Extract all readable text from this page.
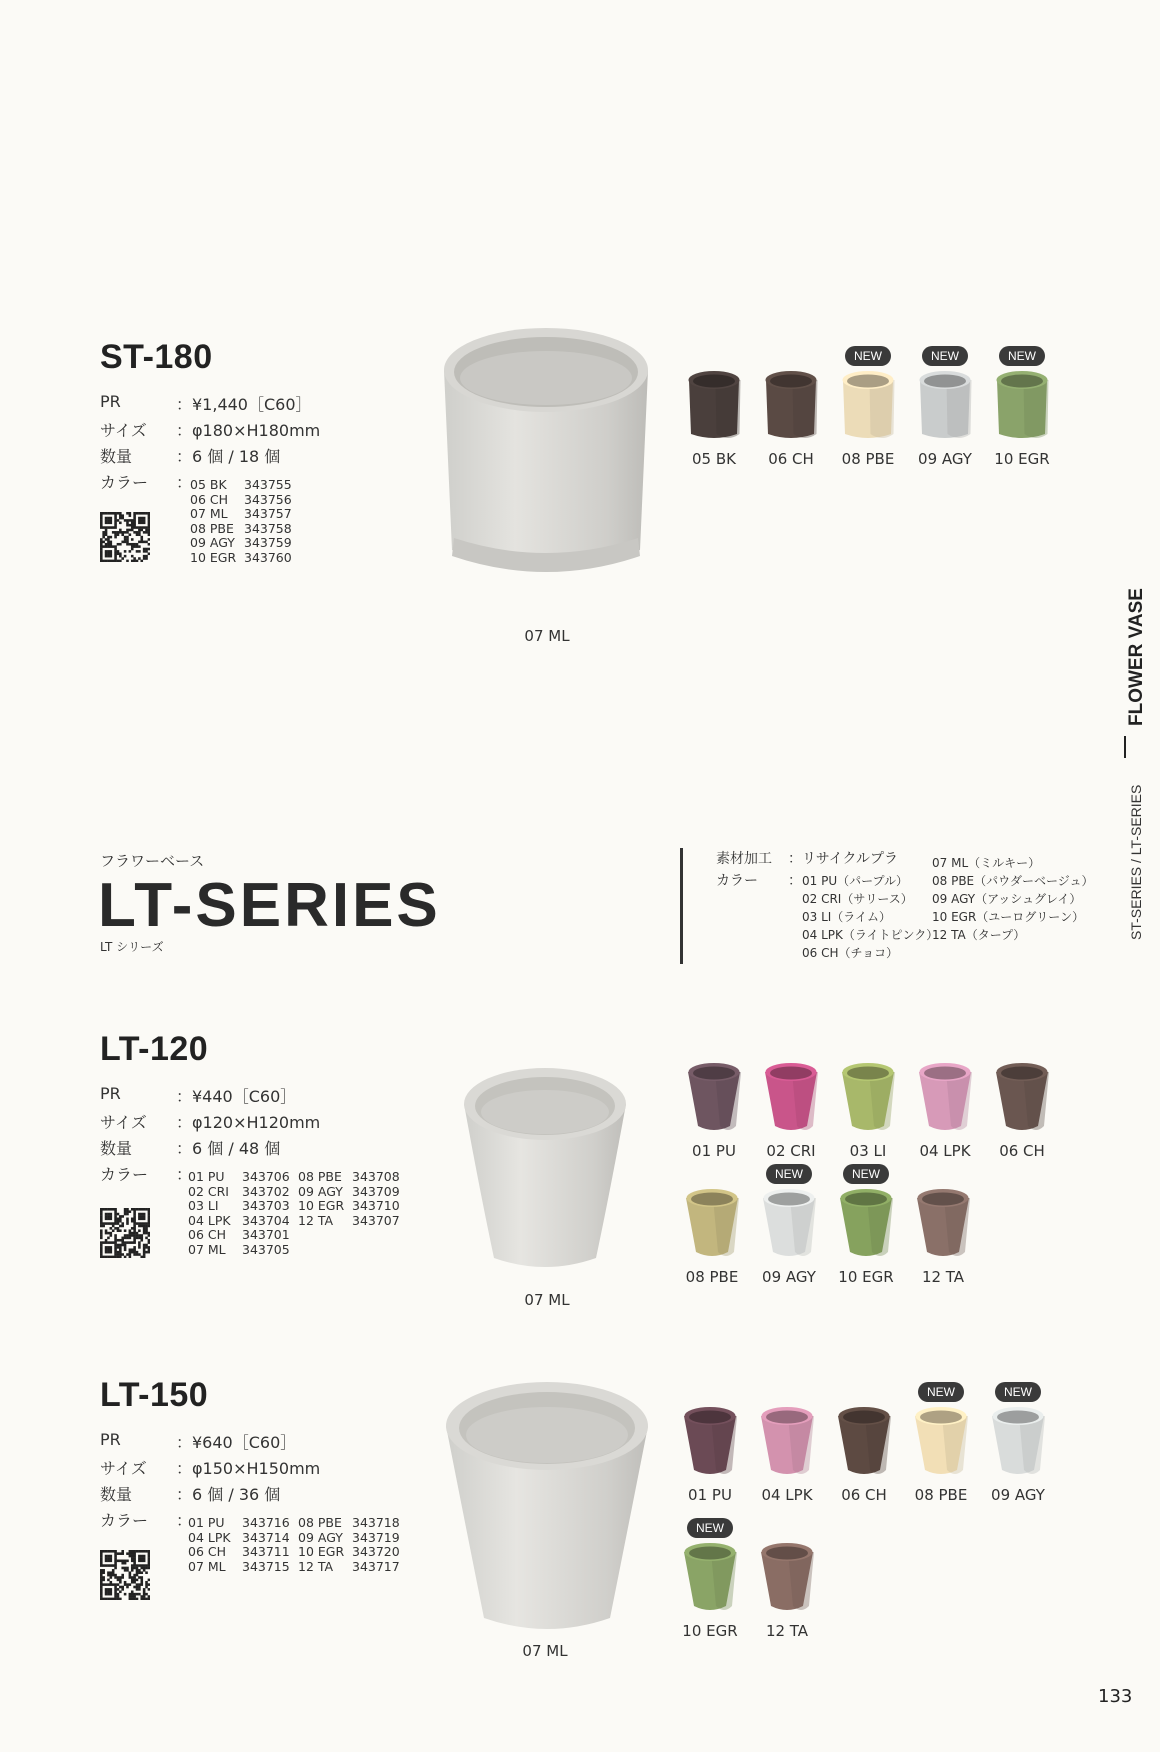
ST-180
PR	：¥1,440［C60］
サイズ	：φ180×H180mm
数量	：6 個 / 18 個
カラー	：
05 BK 343755
06 CH 343756
07 ML 343757
08 PBE 343758
09 AGY 343759
10 EGR 343760
07 ML
05 BK	06 CH	08 PBE
NEW
09 AGY
NEW
10 EGR
NEW
フラワーベース
LT-SERIES
LT シリーズ
素材加工 ：リサイクルプラ
カラー ： 01 PU（パープル）
02 CRI（サリース）
03 LI（ライム）
04 LPK（ライトピンク）
06 CH（チョコ）
07 ML（ミルキー）
08 PBE（パウダーベージュ）
09 AGY（アッシュグレイ）
10 EGR（ユーログリーン）
12 TA（タープ）
LT-120
PR	：¥440［C60］
サイズ	：φ120×H120mm
数量	：6 個 / 48 個
カラー	：
01 PU 343706 08 PBE 343708
02 CRI 343702 09 AGY 343709
03 LI 343703 10 EGR 343710
04 LPK 343704 12 TA 343707
06 CH 343701
07 ML 343705
07 ML
01 PU	02 CRI	03 LI	04 LPK	06 CH
08 PBE	09 AGY
NEW
10 EGR
NEW
12 TA
LT-150
PR	：¥640［C60］
サイズ	：φ150×H150mm
数量	：6 個 / 36 個
カラー	：
01 PU 343716 08 PBE 343718
04 LPK 343714 09 AGY 343719
06 CH 343711 10 EGR 343720
07 ML 343715 12 TA 343717
07 ML
01 PU	04 LPK	06 CH	08 PBE
NEW
09 AGY
NEW
10 EGR
NEW
12 TA
FLOWER VASE
ST-SERIES / LT-SERIES
133
